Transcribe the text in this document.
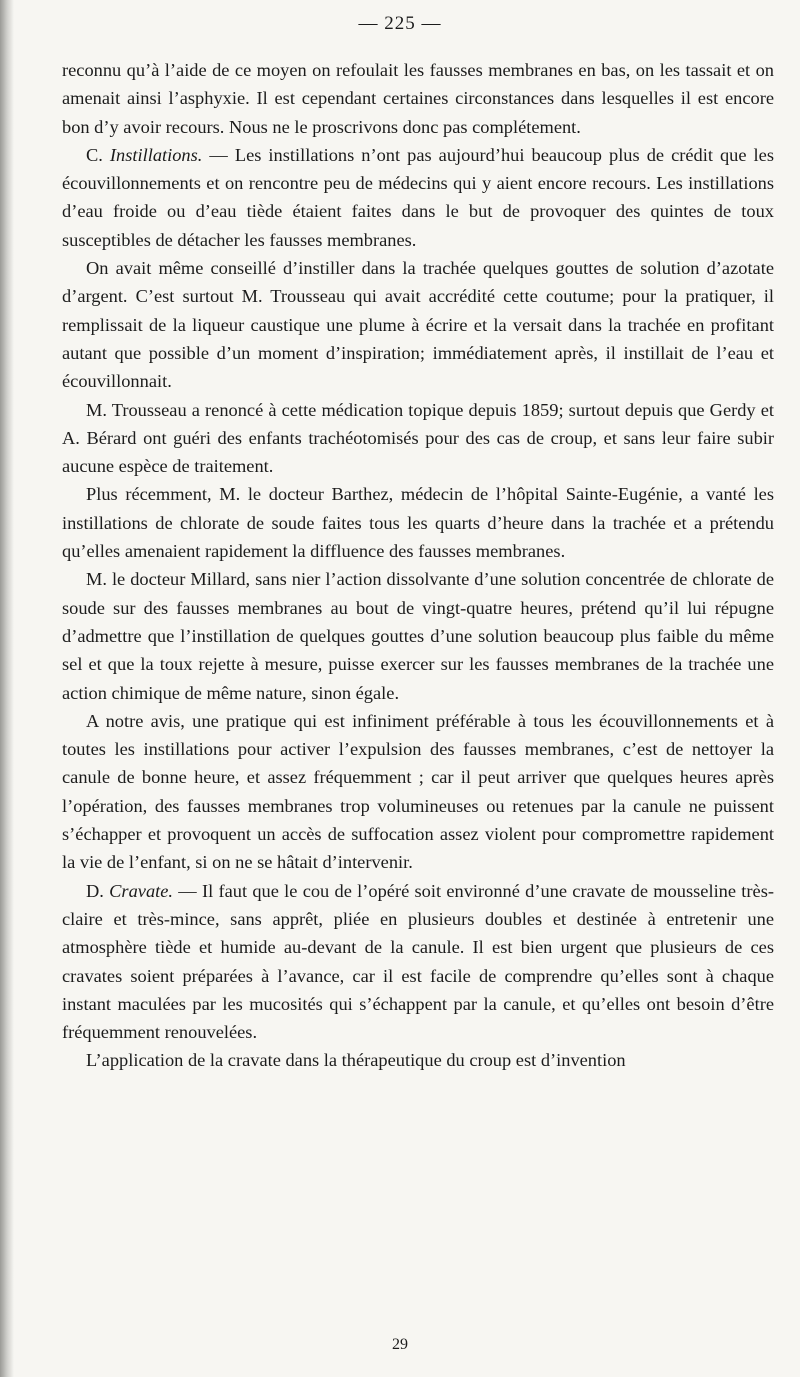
— 225 —

reconnu qu’à l’aide de ce moyen on refoulait les fausses membranes en bas, on les tassait et on amenait ainsi l’asphyxie. Il est cependant certaines circonstances dans lesquelles il est encore bon d’y avoir recours. Nous ne le proscrivons donc pas complétement.

C. Instillations. — Les instillations n’ont pas aujourd’hui beaucoup plus de crédit que les écouvillonnements et on rencontre peu de médecins qui y aient encore recours. Les instillations d’eau froide ou d’eau tiède étaient faites dans le but de provoquer des quintes de toux susceptibles de détacher les fausses membranes.

On avait même conseillé d’instiller dans la trachée quelques gouttes de solution d’azotate d’argent. C’est surtout M. Trousseau qui avait accrédité cette coutume; pour la pratiquer, il remplissait de la liqueur caustique une plume à écrire et la versait dans la trachée en profitant autant que possible d’un moment d’inspiration; immédiatement après, il instillait de l’eau et écouvillonnait.

M. Trousseau a renoncé à cette médication topique depuis 1859; surtout depuis que Gerdy et A. Bérard ont guéri des enfants trachéotomisés pour des cas de croup, et sans leur faire subir aucune espèce de traitement.

Plus récemment, M. le docteur Barthez, médecin de l’hôpital Sainte-Eugénie, a vanté les instillations de chlorate de soude faites tous les quarts d’heure dans la trachée et a prétendu qu’elles amenaient rapidement la diffluence des fausses membranes.

M. le docteur Millard, sans nier l’action dissolvante d’une solution concentrée de chlorate de soude sur des fausses membranes au bout de vingt-quatre heures, prétend qu’il lui répugne d’admettre que l’instillation de quelques gouttes d’une solution beaucoup plus faible du même sel et que la toux rejette à mesure, puisse exercer sur les fausses membranes de la trachée une action chimique de même nature, sinon égale.

A notre avis, une pratique qui est infiniment préférable à tous les écouvillonnements et à toutes les instillations pour activer l’expulsion des fausses membranes, c’est de nettoyer la canule de bonne heure, et assez fréquemment ; car il peut arriver que quelques heures après l’opération, des fausses membranes trop volumineuses ou retenues par la canule ne puissent s’échapper et provoquent un accès de suffocation assez violent pour compromettre rapidement la vie de l’enfant, si on ne se hâtait d’intervenir.

D. Cravate. — Il faut que le cou de l’opéré soit environné d’une cravate de mousseline très-claire et très-mince, sans apprêt, pliée en plusieurs doubles et destinée à entretenir une atmosphère tiède et humide au-devant de la canule. Il est bien urgent que plusieurs de ces cravates soient préparées à l’avance, car il est facile de comprendre qu’elles sont à chaque instant maculées par les mucosités qui s’échappent par la canule, et qu’elles ont besoin d’être fréquemment renouvelées.

L’application de la cravate dans la thérapeutique du croup est d’invention

29
